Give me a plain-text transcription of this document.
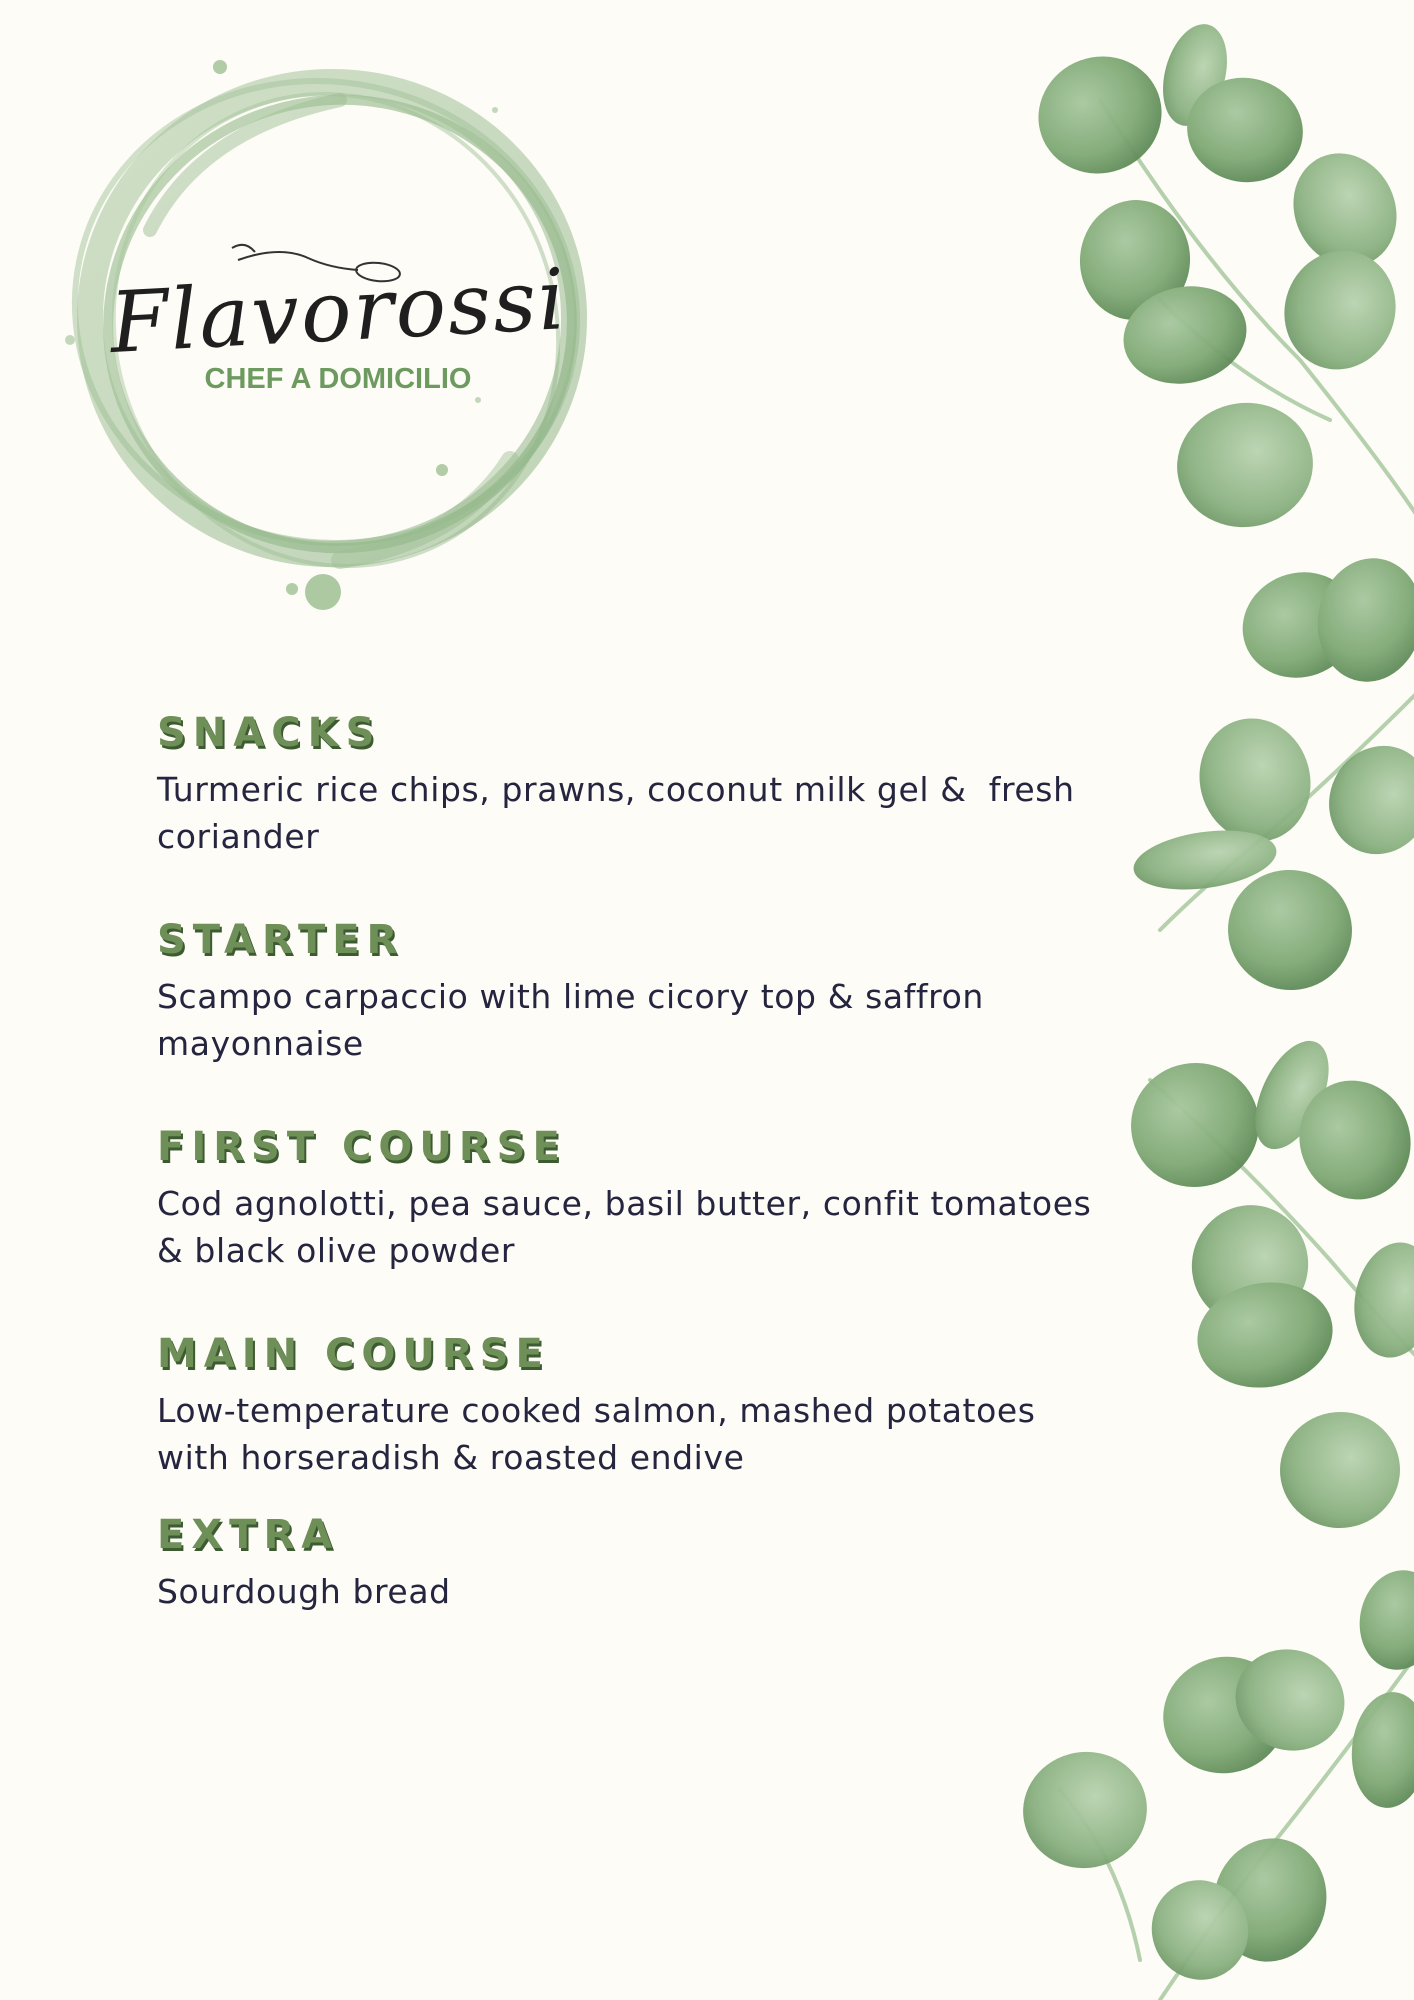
Flavorossi
CHEF A DOMICILIO
SNACKS

Turmeric rice chips, prawns, coconut milk gel &  fresh
coriander

STARTER

Scampo carpaccio with lime cicory top & saffron
mayonnaise

FIRST COURSE

Cod agnolotti, pea sauce, basil butter, confit tomatoes
& black olive powder

MAIN COURSE

Low-temperature cooked salmon, mashed potatoes
with horseradish & roasted endive

EXTRA

Sourdough bread
